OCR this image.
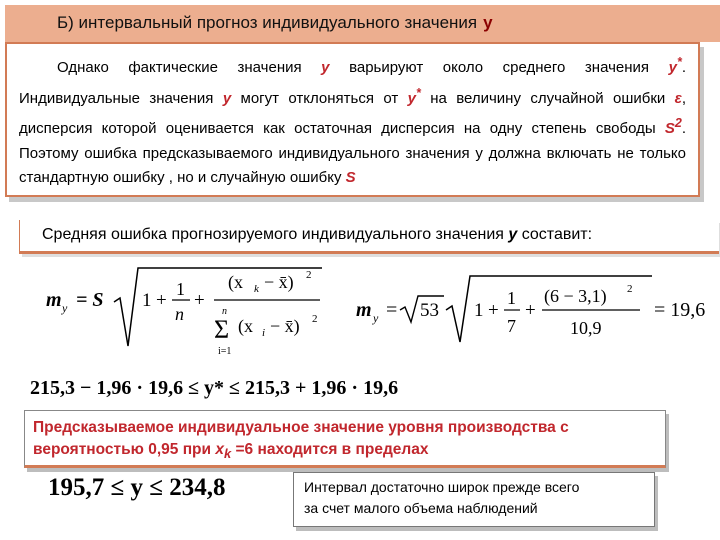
Б) интервальный прогноз индивидуального значения y

Однако фактические значения у варьируют около среднего значения у*. Индивидуальные значения у могут отклоняться от у* на величину случайной ошибки ε, дисперсия которой оценивается как остаточная дисперсия на одну степень свободы $S^2$. Поэтому ошибка предсказываемого индивидуального значения у должна включать не только стандартную ошибку , но и случайную ошибку S

Средняя ошибка прогнозируемого индивидуального значения у составит:
m y = S 1 +
1
n
+
(x k − x̄) 2
n
Σ
i=1
(x i − x̄) 2 m y = 53 1 +
1
7
+
(6 − 3,1) 2
10,9
= 19,6
215,3 − 1,96 · 19,6 ≤ y* ≤ 215,3 + 1,96 · 19,6
Предсказываемое индивидуальное значение уровня производства с
вероятностью 0,95 при $x_k =6$ находится в пределах
195,7 ≤ y ≤ 234,8	Интервал достаточно широк прежде всего
за счет малого объема наблюдений
